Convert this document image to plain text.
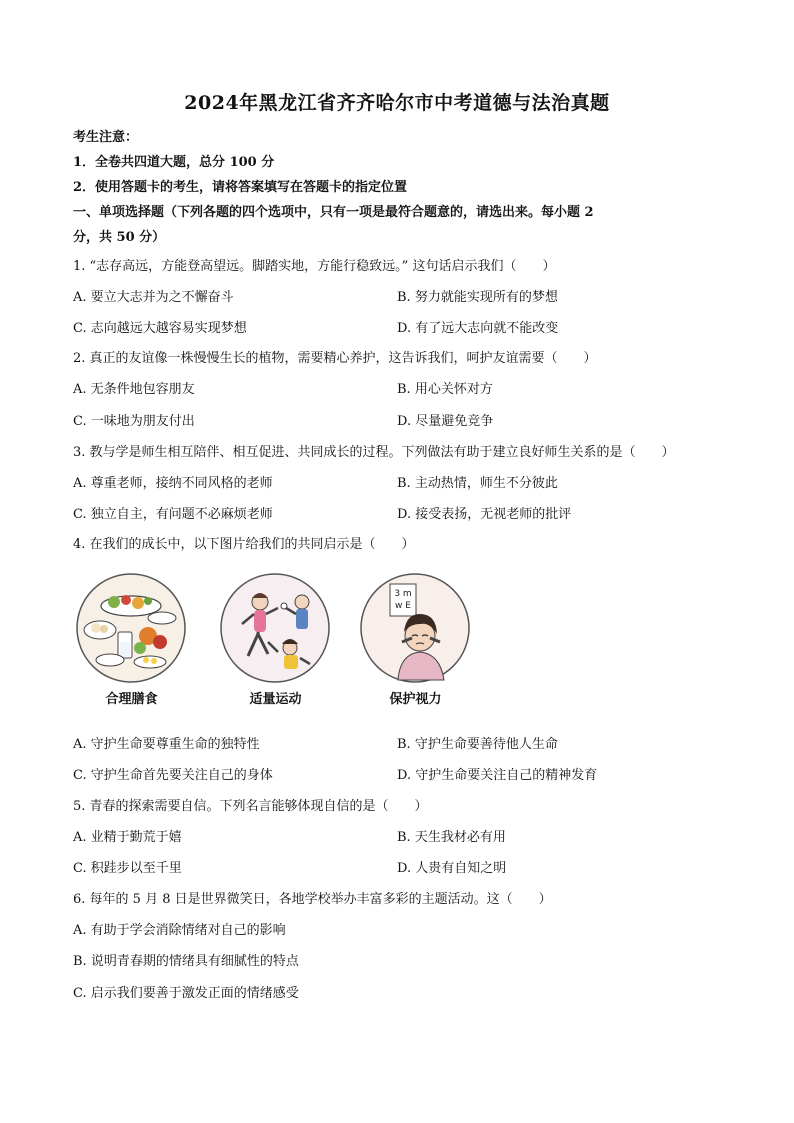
2024年黑龙江省齐齐哈尔市中考道德与法治真题
考生注意：
1．全卷共四道大题，总分 100 分
2．使用答题卡的考生，请将答案填写在答题卡的指定位置
一、单项选择题（下列各题的四个选项中，只有一项是最符合题意的，请选出来。每小题 2
分，共 50 分）
1. “志存高远，方能登高望远。脚踏实地，方能行稳致远。” 这句话启示我们（　　）
A. 要立大志并为之不懈奋斗	B. 努力就能实现所有的梦想
C. 志向越远大越容易实现梦想	D. 有了远大志向就不能改变
2. 真正的友谊像一株慢慢生长的植物，需要精心养护，这告诉我们，呵护友谊需要（　　）
A. 无条件地包容朋友	B. 用心关怀对方
C. 一味地为朋友付出	D. 尽量避免竞争
3. 教与学是师生相互陪伴、相互促进、共同成长的过程。下列做法有助于建立良好师生关系的是（　　）
A. 尊重老师，接纳不同风格的老师	B. 主动热情，师生不分彼此
C. 独立自主，有问题不必麻烦老师	D. 接受表扬，无视老师的批评
4. 在我们的成长中，以下图片给我们的共同启示是（　　）
合理膳食	适量运动
3 m
w E
保护视力
A. 守护生命要尊重生命的独特性	B. 守护生命要善待他人生命
C. 守护生命首先要关注自己的身体	D. 守护生命要关注自己的精神发育
5. 青春的探索需要自信。下列名言能够体现自信的是（　　）
A. 业精于勤荒于嬉	B. 天生我材必有用
C. 积跬步以至千里	D. 人贵有自知之明
6. 每年的 5 月 8 日是世界微笑日，各地学校举办丰富多彩的主题活动。这（　　）
A. 有助于学会消除情绪对自己的影响
B. 说明青春期的情绪具有细腻性的特点
C. 启示我们要善于激发正面的情绪感受
